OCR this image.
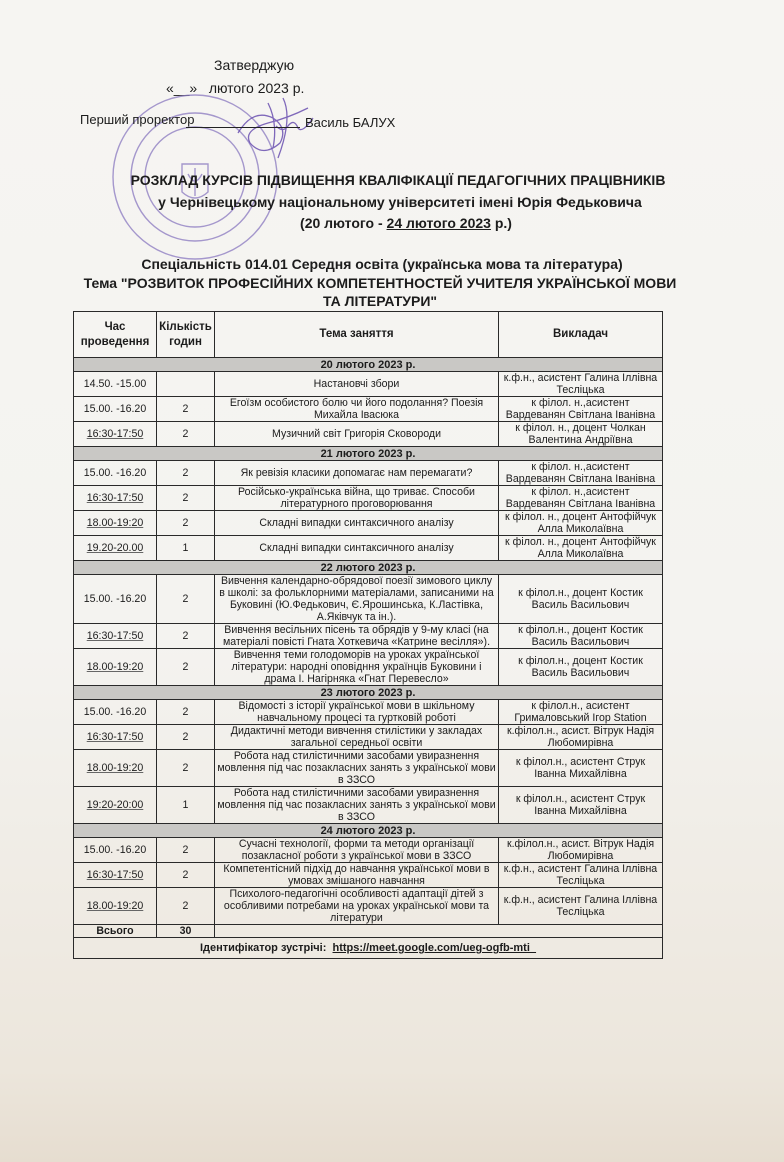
Затверджую
«__»   лютого 2023 р.
Перший проректор	Василь БАЛУХ
РОЗКЛАД КУРСІВ ПІДВИЩЕННЯ КВАЛІФІКАЦІЇ ПЕДАГОГІЧНИХ ПРАЦІВНИКІВ
у Чернівецькому національному університеті імені Юрія Федьковича
(20 лютого - 24 лютого 2023 р.)
Спеціальність 014.01 Середня освіта (українська мова та література)
Тема "РОЗВИТОК ПРОФЕСІЙНИХ КОМПЕТЕНТНОСТЕЙ УЧИТЕЛЯ УКРАЇНСЬКОЇ МОВИ
ТА ЛІТЕРАТУРИ"
Час проведення	Кількість годин	Тема заняття	Викладач
20 лютого 2023 р.			
14.50. -15.00		Настановчі збори	к.ф.н., асистент Галина Іллівна Тесліцька
15.00. -16.20	2	Егоїзм особистого болю чи його подолання? Поезія Михайла Івасюка	к філол. н.,асистент Вардеванян Світлана Іванівна
16:30-17:50	2	Музичний світ Григорія Сковороди	к філол. н., доцент Чолкан Валентина Андріївна
21 лютого 2023 р.			
15.00. -16.20	2	Як ревізія класики допомагає нам перемагати?	к філол. н.,асистент Вардеванян Світлана Іванівна
16:30-17:50	2	Російсько-українська війна, що триває. Способи літературного проговорювання	к філол. н.,асистент Вардеванян Світлана Іванівна
18.00-19:20	2	Складні випадки синтаксичного аналізу	к філол. н., доцент Антофійчук Алла Миколаївна
19.20-20.00	1	Складні випадки синтаксичного аналізу	к філол. н., доцент Антофійчук Алла Миколаївна
22 лютого 2023 р.			
15.00. -16.20	2	Вивчення календарно-обрядової поезії зимового циклу в школі: за фольклорними матеріалами, записаними на Буковині (Ю.Федькович, Є.Ярошинська, К.Ластівка, А.Яківчук та ін.).	к філол.н., доцент Костик Василь Васильович
16:30-17:50	2	Вивчення весільних пісень та обрядів у 9-му класі (на матеріалі повісті Гната Хоткевича «Катрине весілля»).	к філол.н., доцент Костик Василь Васильович
18.00-19:20	2	Вивчення теми голодоморів на уроках української літератури: народні оповідння українців Буковини і драма І. Нагірняка «Гнат Перевесло»	к філол.н., доцент Костик Василь Васильович
23 лютого 2023 р.			
15.00. -16.20	2	Відомості з історії української мови в шкільному навчальному процесі та гуртковій роботі	к філол.н., асистент Грималовський Ігор Station
16:30-17:50	2	Дидактичні методи вивчення стилістики у закладах загальної середньої освіти	к.філол.н., асист. Вітрук Надія Любомирівна
18.00-19:20	2	Робота над стилістичними засобами увиразнення мовлення під час позакласних занять з української мови в ЗЗСО	к філол.н., асистент Струк Іванна Михайлівна
19:20-20:00	1	Робота над стилістичними засобами увиразнення мовлення під час позакласних занять з української мови в ЗЗСО	к філол.н., асистент Струк Іванна Михайлівна
24 лютого 2023 р.			
15.00. -16.20	2	Сучасні технології, форми та методи організації позакласної роботи з української мови в ЗЗСО	к.філол.н., асист. Вітрук Надія Любомирівна
16:30-17:50	2	Компетентісний підхід до навчання української мови в умовах змішаного навчання	к.ф.н., асистент Галина Іллівна Тесліцька
18.00-19:20	2	Психолого-педагогічні особливості адаптації дітей з особливими потребами на уроках української мови та літератури	к.ф.н., асистент Галина Іллівна Тесліцька
Всього	30		
Ідентифікатор зустрічі: https://meet.google.com/ueg-ogfb-mti_			
